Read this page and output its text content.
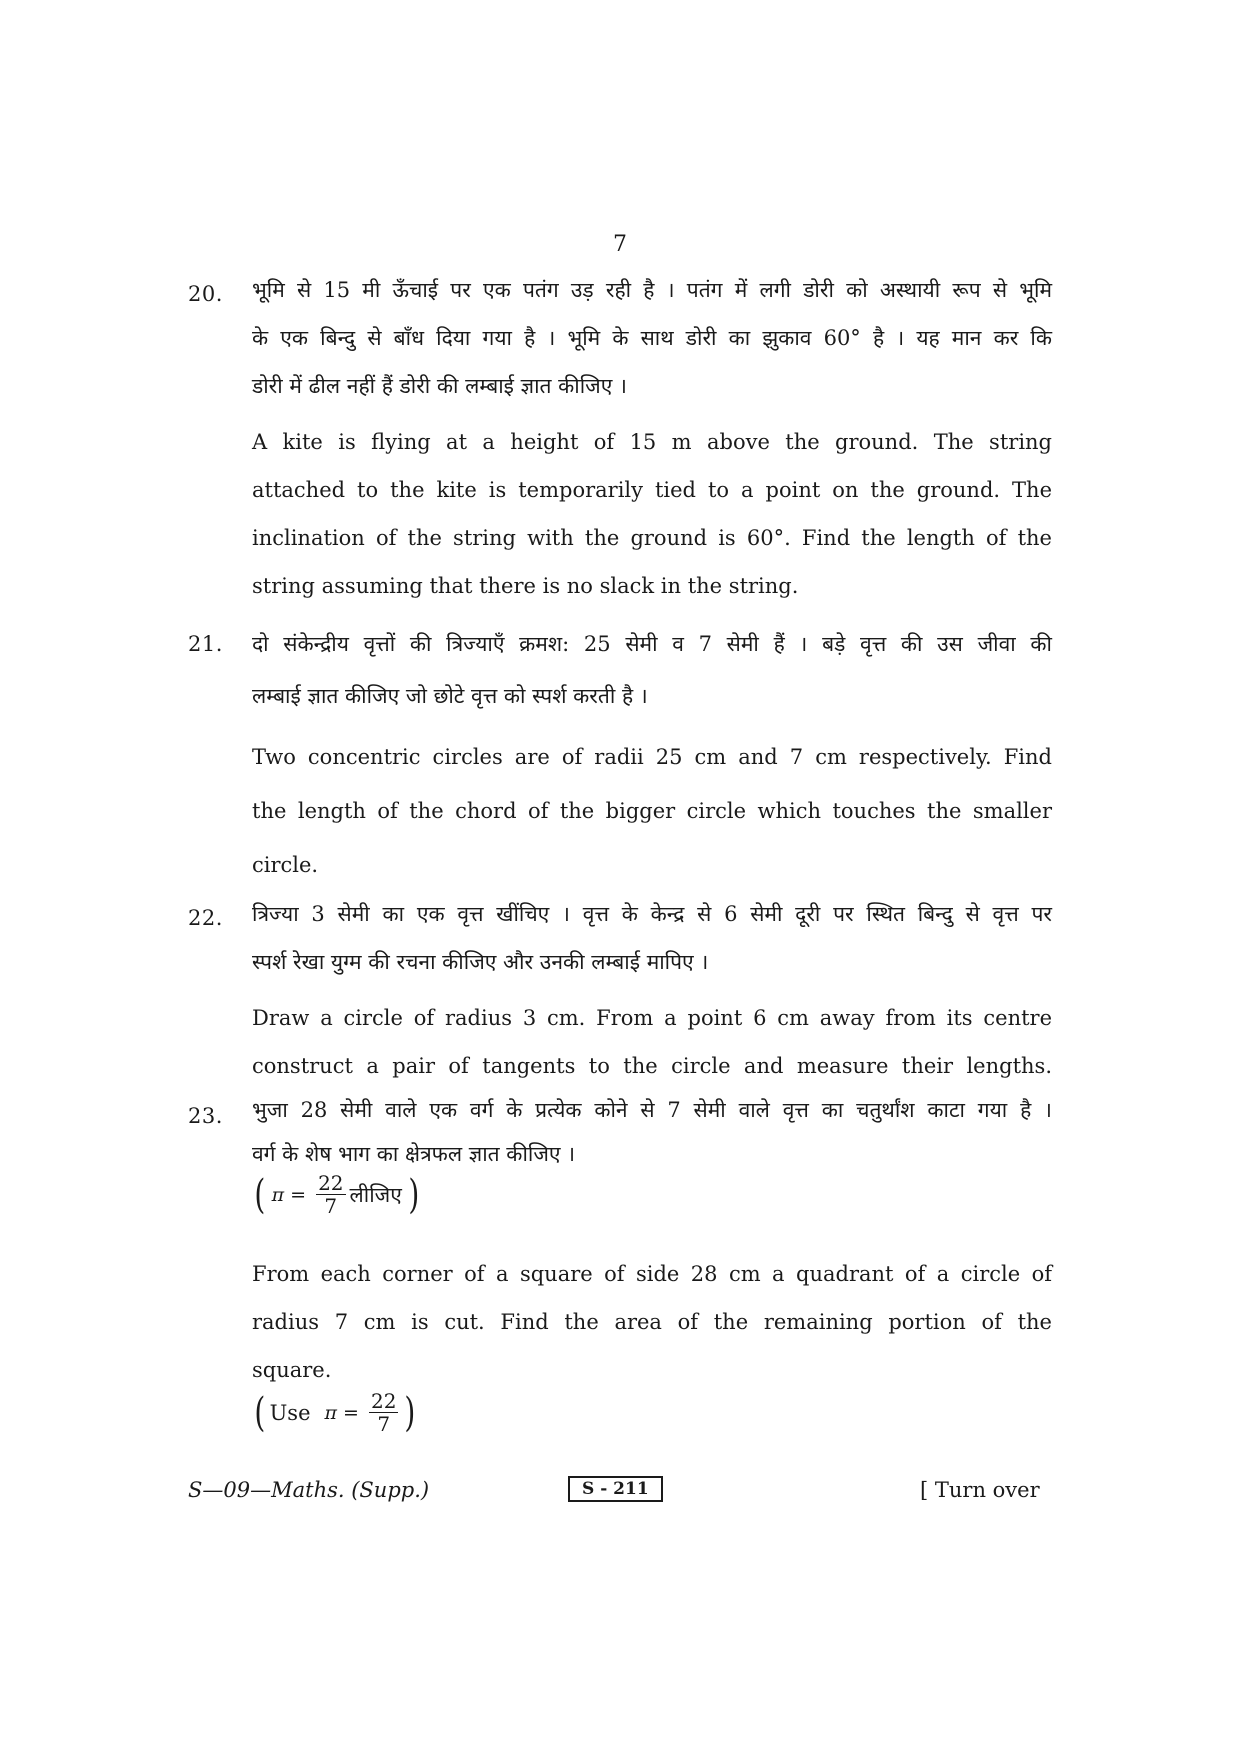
7
20. भूमि से 15 मी ऊँचाई पर एक पतंग उड़ रही है । पतंग में लगी डोरी को अस्थायी रूप से भूमि
के एक बिन्दु से बाँध दिया गया है । भूमि के साथ डोरी का झुकाव 60° है । यह मान कर कि
डोरी में ढील नहीं हैं डोरी की लम्बाई ज्ञात कीजिए ।
A kite is flying at a height of 15 m above the ground. The string
attached to the kite is temporarily tied to a point on the ground. The
inclination of the string with the ground is 60°. Find the length of the
string assuming that there is no slack in the string.
21. दो संकेन्द्रीय वृत्तों की त्रिज्याएँ क्रमश: 25 सेमी व 7 सेमी हैं । बड़े वृत्त की उस जीवा की
लम्बाई ज्ञात कीजिए जो छोटे वृत्त को स्पर्श करती है ।
Two concentric circles are of radii 25 cm and 7 cm respectively. Find
the length of the chord of the bigger circle which touches the smaller
circle.
22. त्रिज्या 3 सेमी का एक वृत्त खींचिए । वृत्त के केन्द्र से 6 सेमी दूरी पर स्थित बिन्दु से वृत्त पर
स्पर्श रेखा युग्म की रचना कीजिए और उनकी लम्बाई मापिए ।
Draw a circle of radius 3 cm. From a point 6 cm away from its centre
construct a pair of tangents to the circle and measure their lengths.
23. भुजा 28 सेमी वाले एक वर्ग के प्रत्येक कोने से 7 सेमी वाले वृत्त का चतुर्थांश काटा गया है ।
वर्ग के शेष भाग का क्षेत्रफल ज्ञात कीजिए ।
( $\pi = \frac{22}{7}$ लीजिए )
From each corner of a square of side 28 cm a quadrant of a circle of
radius 7 cm is cut. Find the area of the remaining portion of the
square.
( Use $\pi = \frac{22}{7}$ )
S—09—Maths. (Supp.)	S - 211	[ Turn over
